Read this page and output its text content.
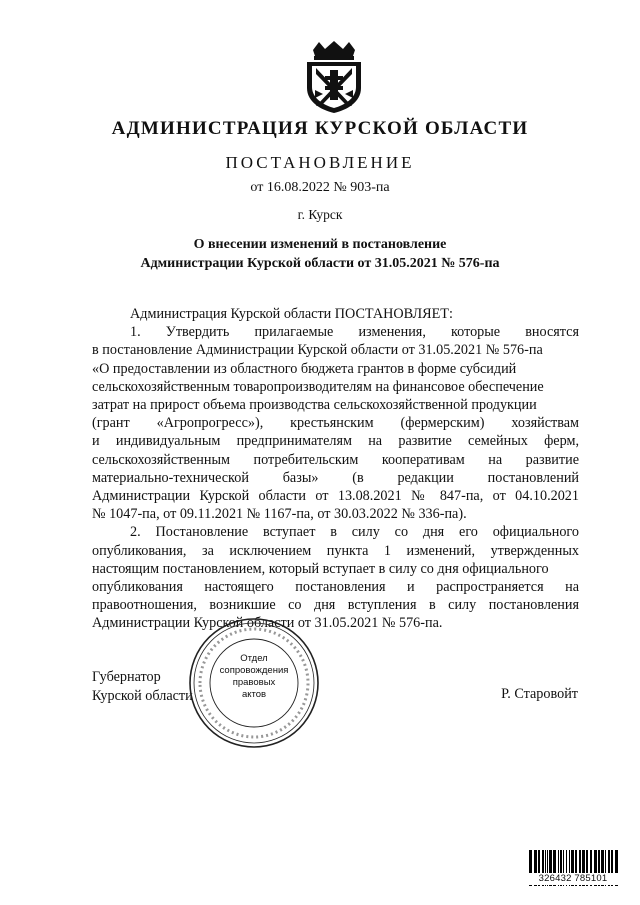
АДМИНИСТРАЦИЯ КУРСКОЙ ОБЛАСТИ
ПОСТАНОВЛЕНИЕ
от 16.08.2022 № 903-па
г. Курск
О внесении изменений в постановление
Администрации Курской области от 31.05.2021 № 576-па
Администрация Курской области ПОСТАНОВЛЯЕТ:
1. Утвердить прилагаемые изменения, которые вносятся
в постановление Администрации Курской области от 31.05.2021 № 576-па
«О предоставлении из областного бюджета грантов в форме субсидий
сельскохозяйственным товаропроизводителям на финансовое обеспечение
затрат на прирост объема производства сельскохозяйственной продукции
(грант «Агропрогресс»), крестьянским (фермерским) хозяйствам
и индивидуальным предпринимателям на развитие семейных ферм,
сельскохозяйственным потребительским кооперативам на развитие
материально-технической базы» (в редакции постановлений
Администрации Курской области от 13.08.2021 № 847-па, от 04.10.2021
№ 1047-па, от 09.11.2021 № 1167-па, от 30.03.2022 № 336-па).
2. Постановление вступает в силу со дня его официального
опубликования, за исключением пункта 1 изменений, утвержденных
настоящим постановлением, который вступает в силу со дня официального
опубликования настоящего постановления и распространяется на
правоотношения, возникшие со дня вступления в силу постановления
Администрации Курской области от 31.05.2021 № 576-па.
Губернатор
Курской области	Р. Старовойт
Отдел
сопровождения
правовых
актов
326432 785101
